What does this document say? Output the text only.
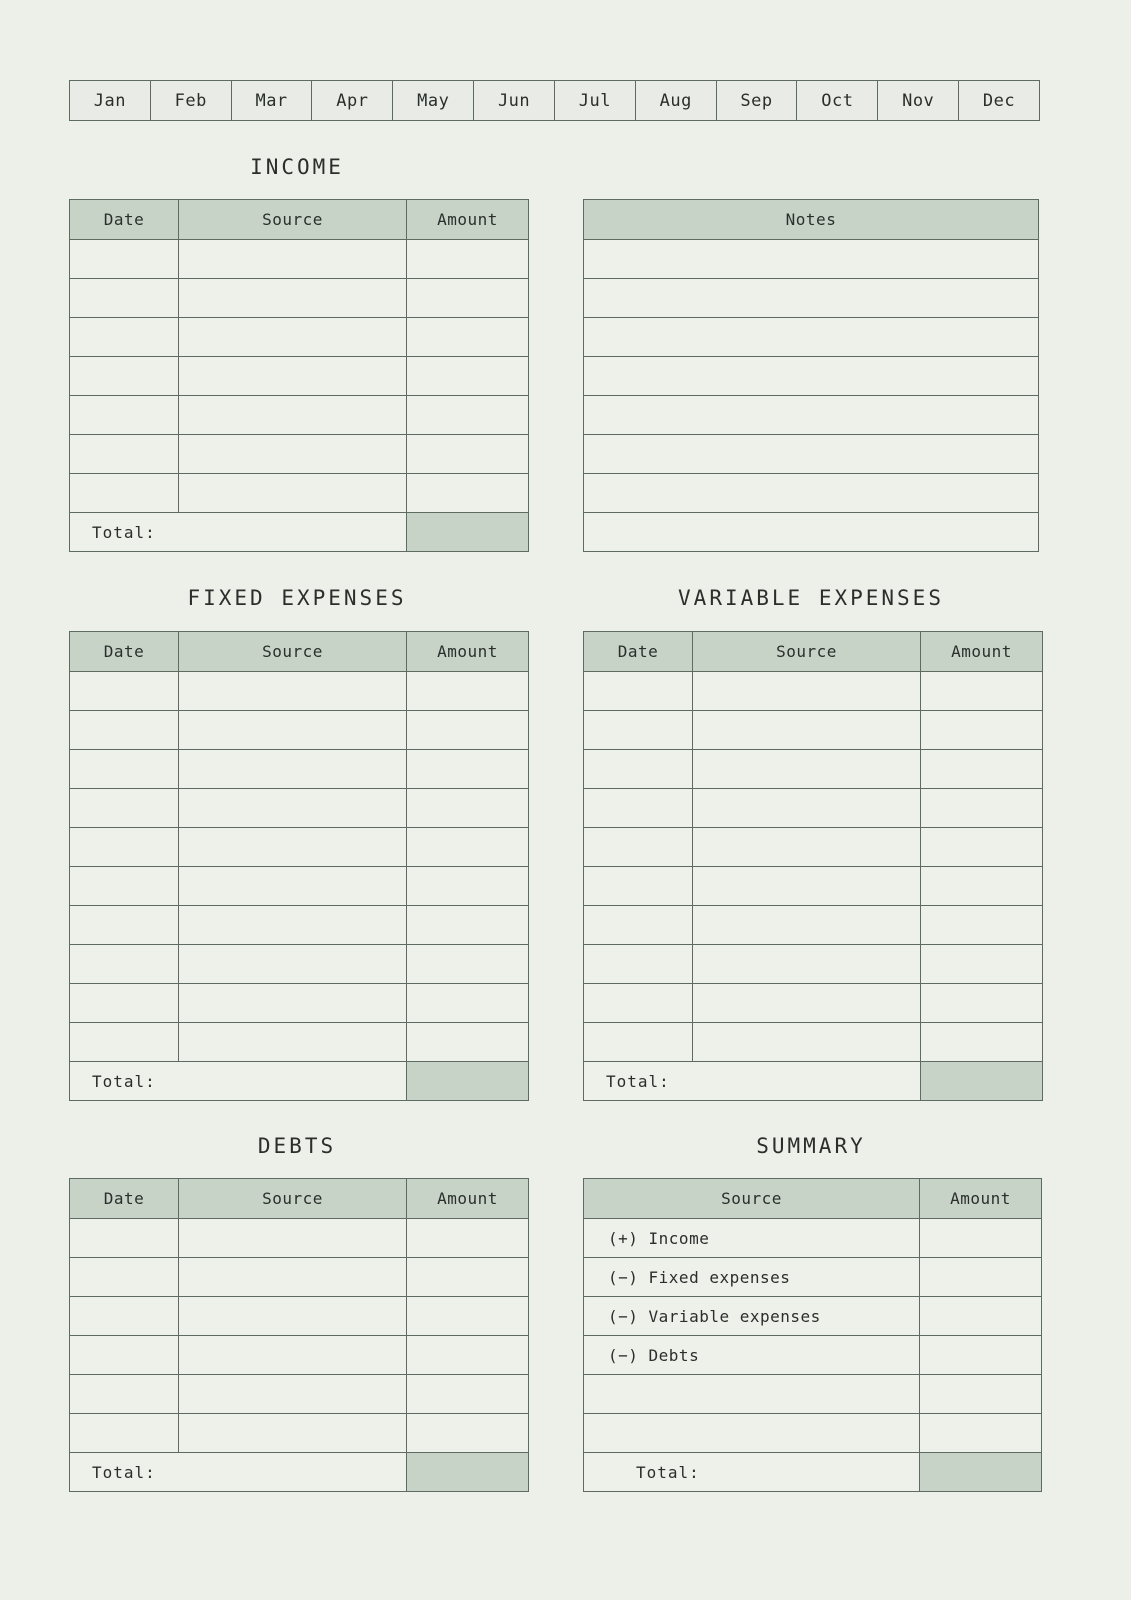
Jan	Feb	Mar	Apr	May	Jun	Jul	Aug	Sep	Oct	Nov	Dec
INCOME
Date	Source	Amount

Total:		
Notes

FIXED EXPENSES
Date	Source	Amount

Total:		
VARIABLE EXPENSES
Date	Source	Amount

Total:		
DEBTS
Date	Source	Amount

Total:		
SUMMARY
Source	Amount
(+) Income	
(−) Fixed expenses	
(−) Variable expenses	
(−) Debts	

Total:	
